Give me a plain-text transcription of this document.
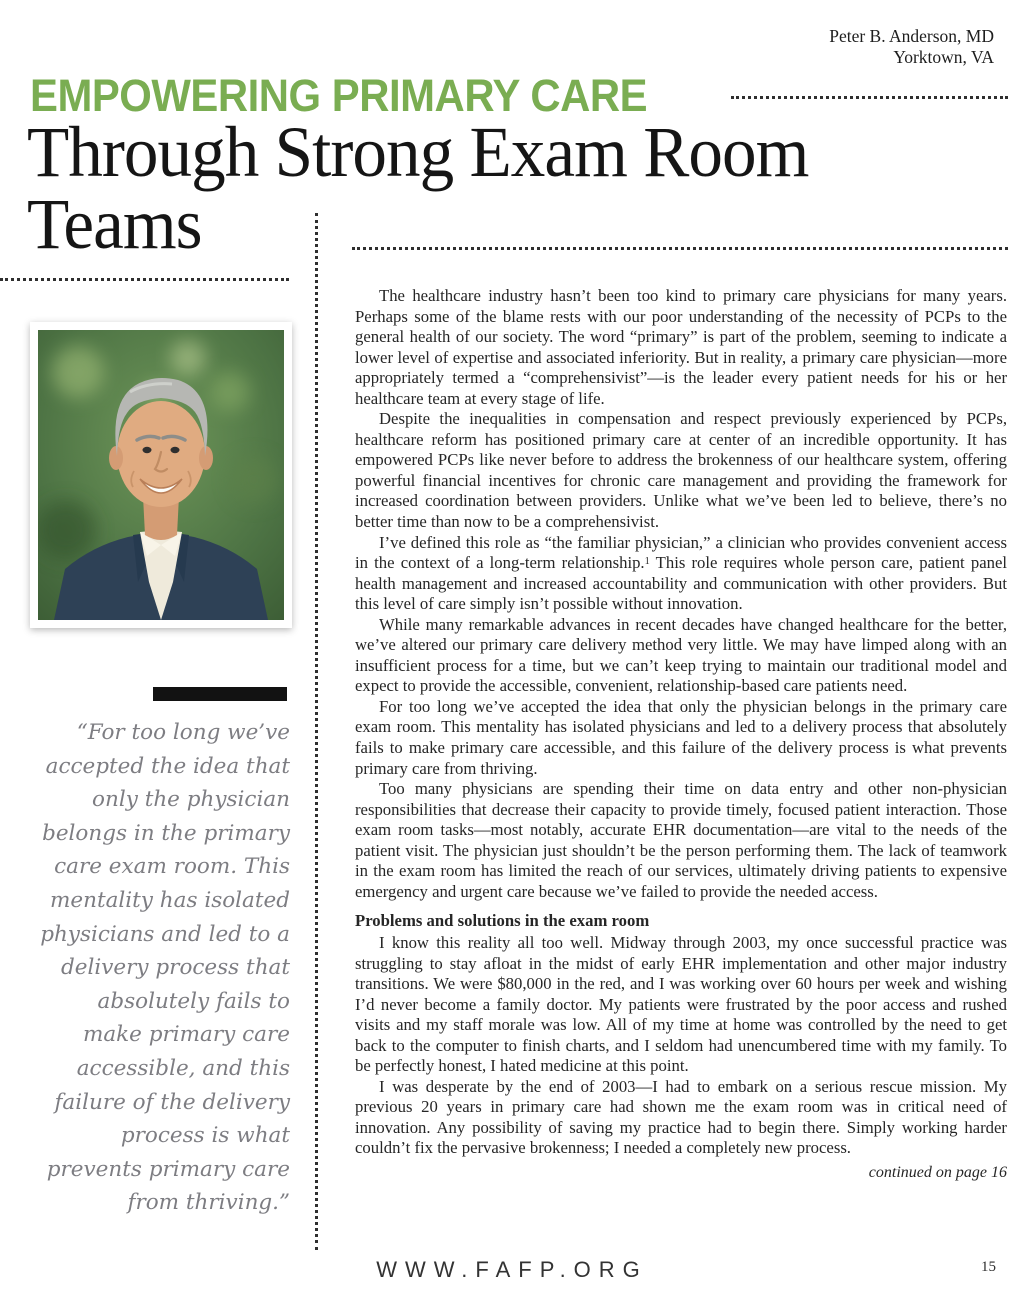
Peter B. Anderson, MD
Yorktown, VA
EMPOWERING PRIMARY CARE
Through Strong Exam Room Teams
“For too long we’ve accepted the idea that only the physician belongs in the primary care exam room. This mentality has isolated physicians and led to a delivery process that absolutely fails to make primary care accessible, and this failure of the delivery process is what prevents primary care from thriving.”

The healthcare industry hasn’t been too kind to primary care physicians for many years. Perhaps some of the blame rests with our poor understanding of the necessity of PCPs to the general health of our society. The word “primary” is part of the problem, seeming to indicate a lower level of expertise and associated inferiority. But in reality, a primary care physician—more appropriately termed a “comprehensivist”—is the leader every patient needs for his or her healthcare team at every stage of life.

Despite the inequalities in compensation and respect previously experienced by PCPs, healthcare reform has positioned primary care at center of an incredible opportunity. It has empowered PCPs like never before to address the brokenness of our healthcare system, offering powerful financial incentives for chronic care management and providing the framework for increased coordination between providers. Unlike what we’ve been led to believe, there’s no better time than now to be a comprehensivist.

I’ve defined this role as “the familiar physician,” a clinician who provides convenient access in the context of a long-term relationship.$^1$ This role requires whole person care, patient panel health management and increased accountability and communication with other providers. But this level of care simply isn’t possible without innovation.

While many remarkable advances in recent decades have changed healthcare for the better, we’ve altered our primary care delivery method very little. We may have limped along with an insufficient process for a time, but we can’t keep trying to maintain our traditional model and expect to provide the accessible, convenient, relationship-based care patients need.

For too long we’ve accepted the idea that only the physician belongs in the primary care exam room. This mentality has isolated physicians and led to a delivery process that absolutely fails to make primary care accessible, and this failure of the delivery process is what prevents primary care from thriving.

Too many physicians are spending their time on data entry and other non-physician responsibilities that decrease their capacity to provide timely, focused patient interaction. Those exam room tasks—most notably, accurate EHR documentation—are vital to the needs of the patient visit. The physician just shouldn’t be the person performing them. The lack of teamwork in the exam room has limited the reach of our services, ultimately driving patients to expensive emergency and urgent care because we’ve failed to provide the needed access.

Problems and solutions in the exam room

I know this reality all too well. Midway through 2003, my once successful practice was struggling to stay afloat in the midst of early EHR implementation and other major industry transitions. We were $80,000 in the red, and I was working over 60 hours per week and wishing I’d never become a family doctor. My patients were frustrated by the poor access and rushed visits and my staff morale was low. All of my time at home was controlled by the need to get back to the computer to finish charts, and I seldom had unencumbered time with my family. To be perfectly honest, I hated medicine at this point.

I was desperate by the end of 2003—I had to embark on a serious rescue mission. My previous 20 years in primary care had shown me the exam room was in critical need of innovation. Any possibility of saving my practice had to begin there. Simply working harder couldn’t fix the pervasive brokenness; I needed a completely new process.

continued on page 16

WWW.FAFP.ORG	15
